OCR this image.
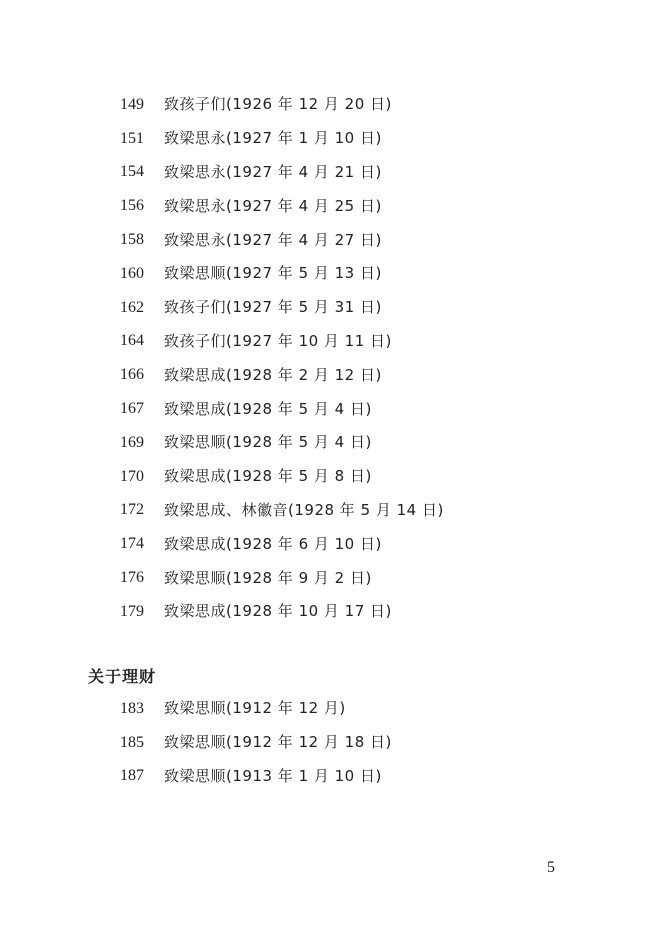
149	致孩子们(1926 年 12 月 20 日)
151	致梁思永(1927 年 1 月 10 日)
154	致梁思永(1927 年 4 月 21 日)
156	致梁思永(1927 年 4 月 25 日)
158	致梁思永(1927 年 4 月 27 日)
160	致梁思顺(1927 年 5 月 13 日)
162	致孩子们(1927 年 5 月 31 日)
164	致孩子们(1927 年 10 月 11 日)
166	致梁思成(1928 年 2 月 12 日)
167	致梁思成(1928 年 5 月 4 日)
169	致梁思顺(1928 年 5 月 4 日)
170	致梁思成(1928 年 5 月 8 日)
172	致梁思成、林徽音(1928 年 5 月 14 日)
174	致梁思成(1928 年 6 月 10 日)
176	致梁思顺(1928 年 9 月 2 日)
179	致梁思成(1928 年 10 月 17 日)
关于理财
183	致梁思顺(1912 年 12 月)
185	致梁思顺(1912 年 12 月 18 日)
187	致梁思顺(1913 年 1 月 10 日)
5
